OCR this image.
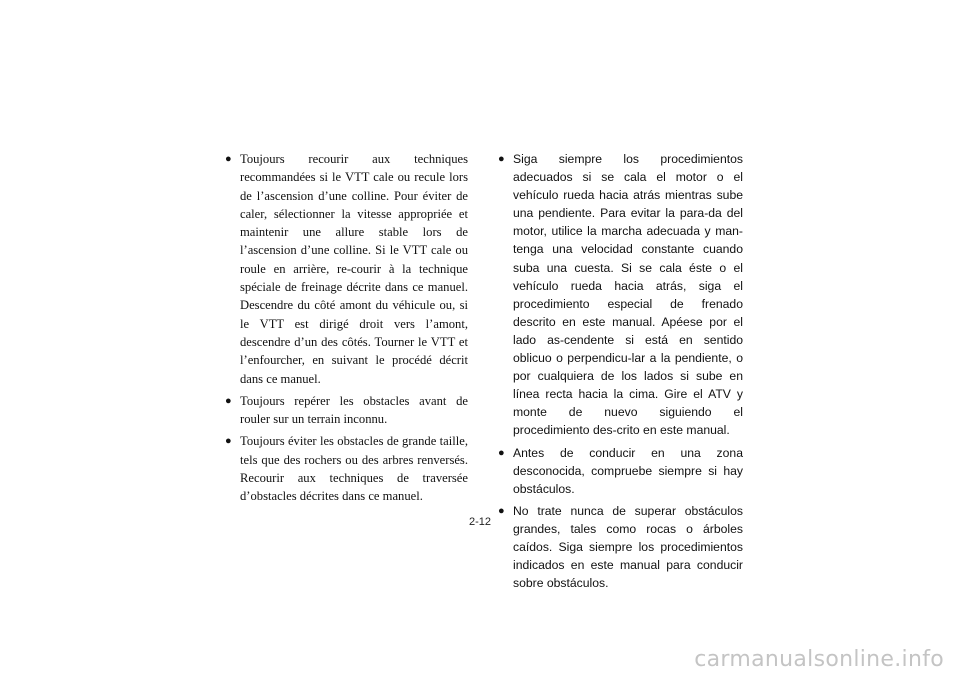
● Toujours recourir aux techniques recommandées si le VTT cale ou recule lors de l’ascension d’une colline. Pour éviter de caler, sélectionner la vitesse appropriée et maintenir une allure stable lors de l’ascension d’une colline. Si le VTT cale ou roule en arrière, re-courir à la technique spéciale de freinage décrite dans ce manuel. Descendre du côté amont du véhicule ou, si le VTT est dirigé droit vers l’amont, descendre d’un des côtés. Tourner le VTT et l’enfourcher, en suivant le procédé décrit dans ce manuel.
● Toujours repérer les obstacles avant de rouler sur un terrain inconnu.
● Toujours éviter les obstacles de grande taille, tels que des rochers ou des arbres renversés. Recourir aux techniques de traversée d’obstacles décrites dans ce manuel.
● Siga siempre los procedimientos adecuados si se cala el motor o el vehículo rueda hacia atrás mientras sube una pendiente. Para evitar la para-da del motor, utilice la marcha adecuada y man-tenga una velocidad constante cuando suba una cuesta. Si se cala éste o el vehículo rueda hacia atrás, siga el procedimiento especial de frenado descrito en este manual. Apéese por el lado as-cendente si está en sentido oblicuo o perpendicu-lar a la pendiente, o por cualquiera de los lados si sube en línea recta hacia la cima. Gire el ATV y monte de nuevo siguiendo el procedimiento des-crito en este manual.
● Antes de conducir en una zona desconocida, compruebe siempre si hay obstáculos.
● No trate nunca de superar obstáculos grandes, tales como rocas o árboles caídos. Siga siempre los procedimientos indicados en este manual para conducir sobre obstáculos.
2-12
carmanualsonline.info
